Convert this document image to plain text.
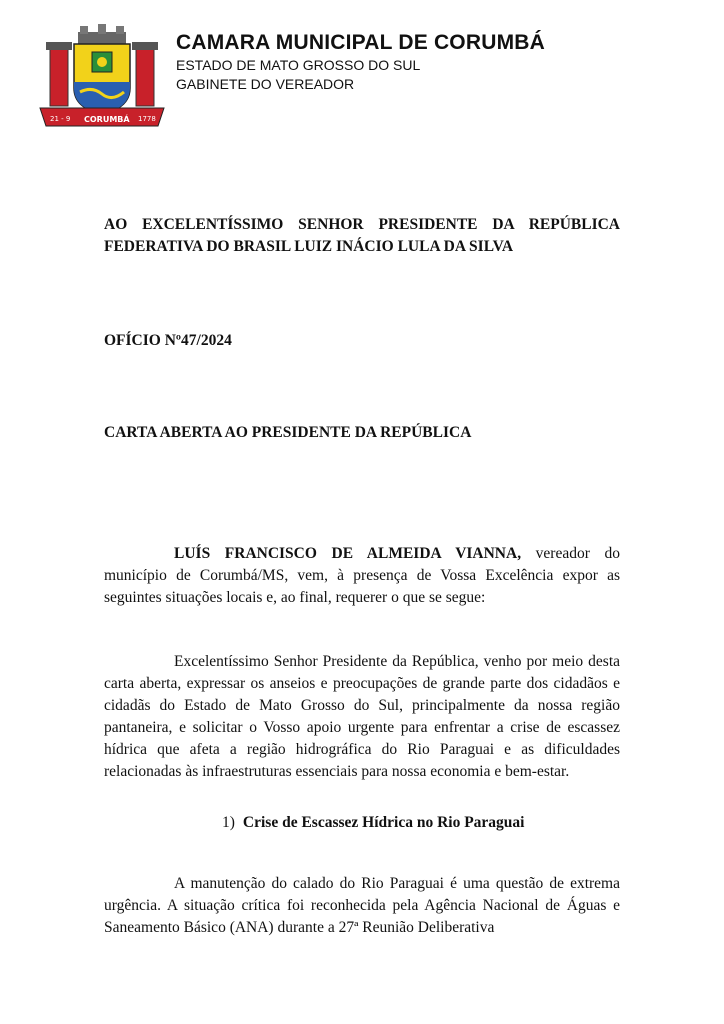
21 - 9 CORUMBÁ 1778
CAMARA MUNICIPAL DE CORUMBÁ
ESTADO DE MATO GROSSO DO SUL
GABINETE DO VEREADOR
AO EXCELENTÍSSIMO SENHOR PRESIDENTE DA REPÚBLICA FEDERATIVA DO BRASIL LUIZ INÁCIO LULA DA SILVA
OFÍCIO Nº47/2024
CARTA ABERTA AO PRESIDENTE DA REPÚBLICA

LUÍS FRANCISCO DE ALMEIDA VIANNA, vereador do município de Corumbá/MS, vem, à presença de Vossa Excelência expor as seguintes situações locais e, ao final, requerer o que se segue:

Excelentíssimo Senhor Presidente da República, venho por meio desta carta aberta, expressar os anseios e preocupações de grande parte dos cidadãos e cidadãs do Estado de Mato Grosso do Sul, principalmente da nossa região pantaneira, e solicitar o Vosso apoio urgente para enfrentar a crise de escassez hídrica que afeta a região hidrográfica do Rio Paraguai e as dificuldades relacionadas às infraestruturas essenciais para nossa economia e bem-estar.

1) Crise de Escassez Hídrica no Rio Paraguai

A manutenção do calado do Rio Paraguai é uma questão de extrema urgência. A situação crítica foi reconhecida pela Agência Nacional de Águas e Saneamento Básico (ANA) durante a 27ª Reunião Deliberativa
